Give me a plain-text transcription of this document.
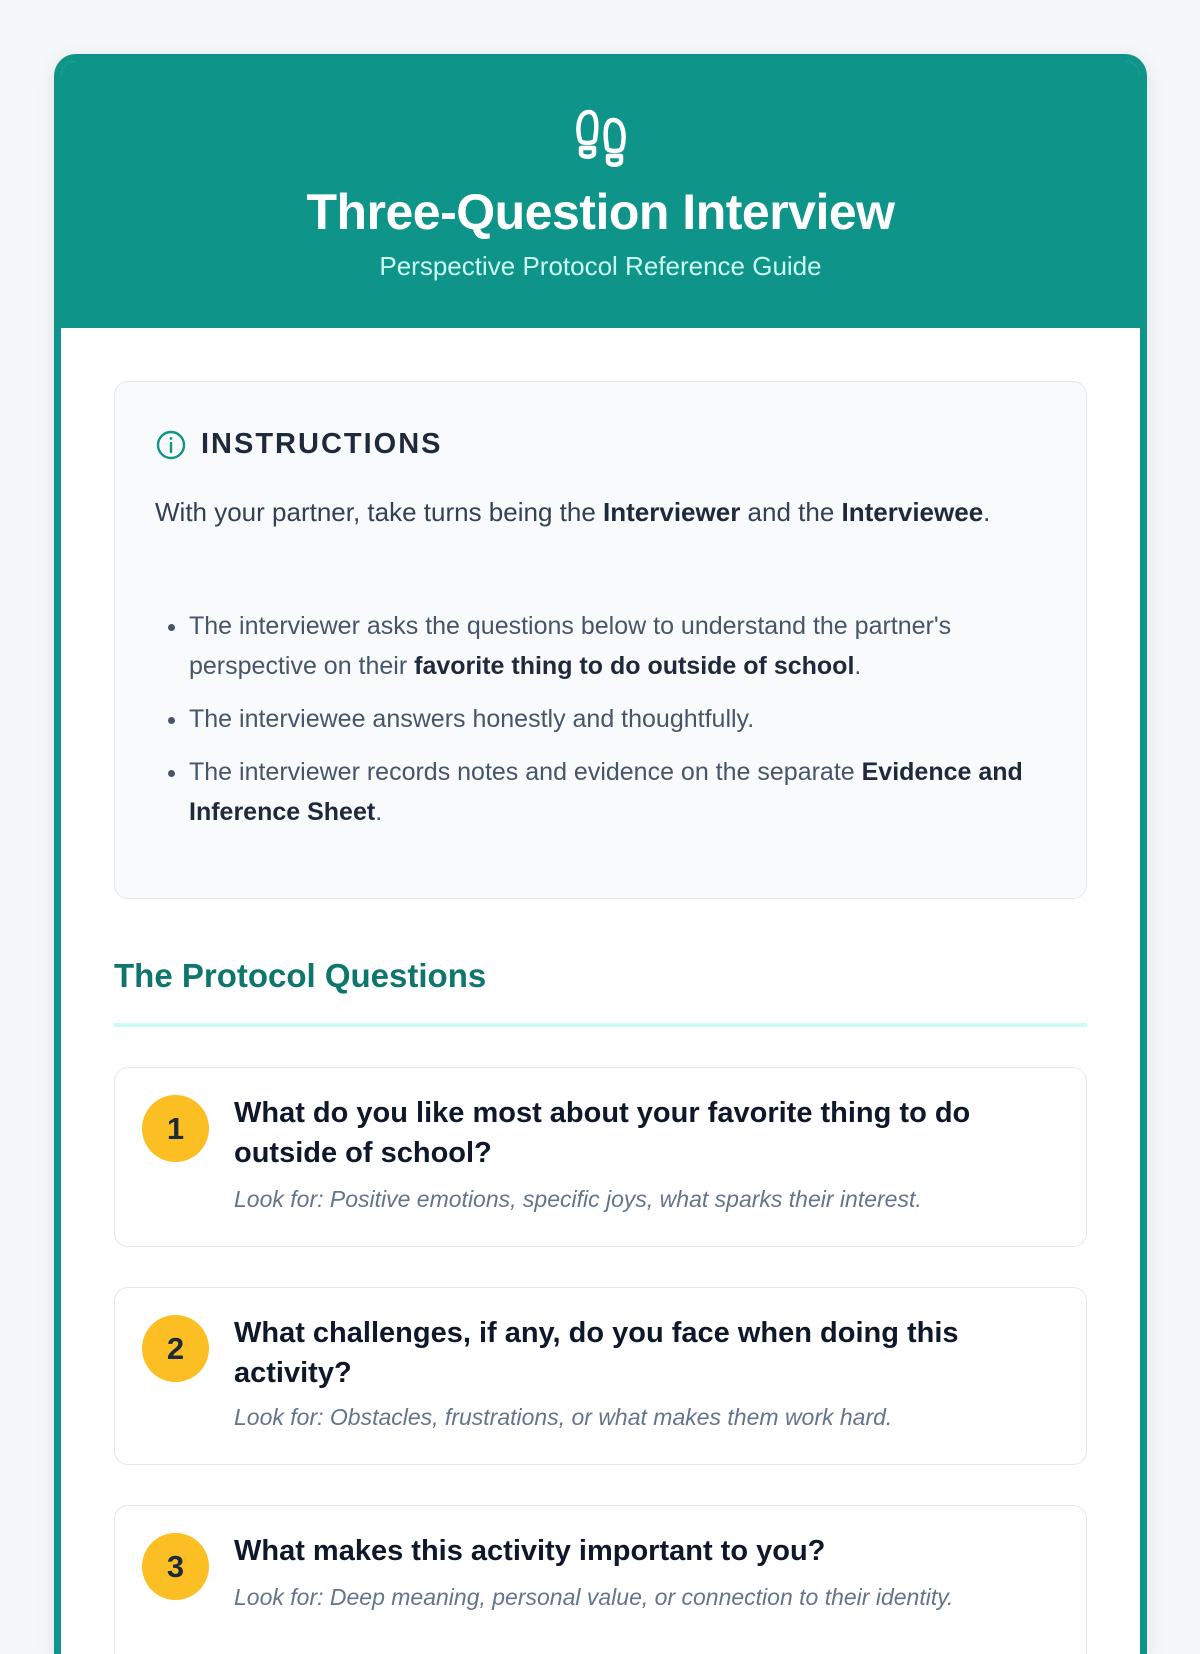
Three-Question Interview
Perspective Protocol Reference Guide
INSTRUCTIONS
With your partner, take turns being the Interviewer and the Interviewee.
• The interviewer asks the questions below to understand the partner's perspective on their favorite thing to do outside of school.
• The interviewee answers honestly and thoughtfully.
• The interviewer records notes and evidence on the separate Evidence and Inference Sheet.
The Protocol Questions
1	What do you like most about your favorite thing to do outside of school?
Look for: Positive emotions, specific joys, what sparks their interest.
2	What challenges, if any, do you face when doing this activity?
Look for: Obstacles, frustrations, or what makes them work hard.
3	What makes this activity important to you?
Look for: Deep meaning, personal value, or connection to their identity.
